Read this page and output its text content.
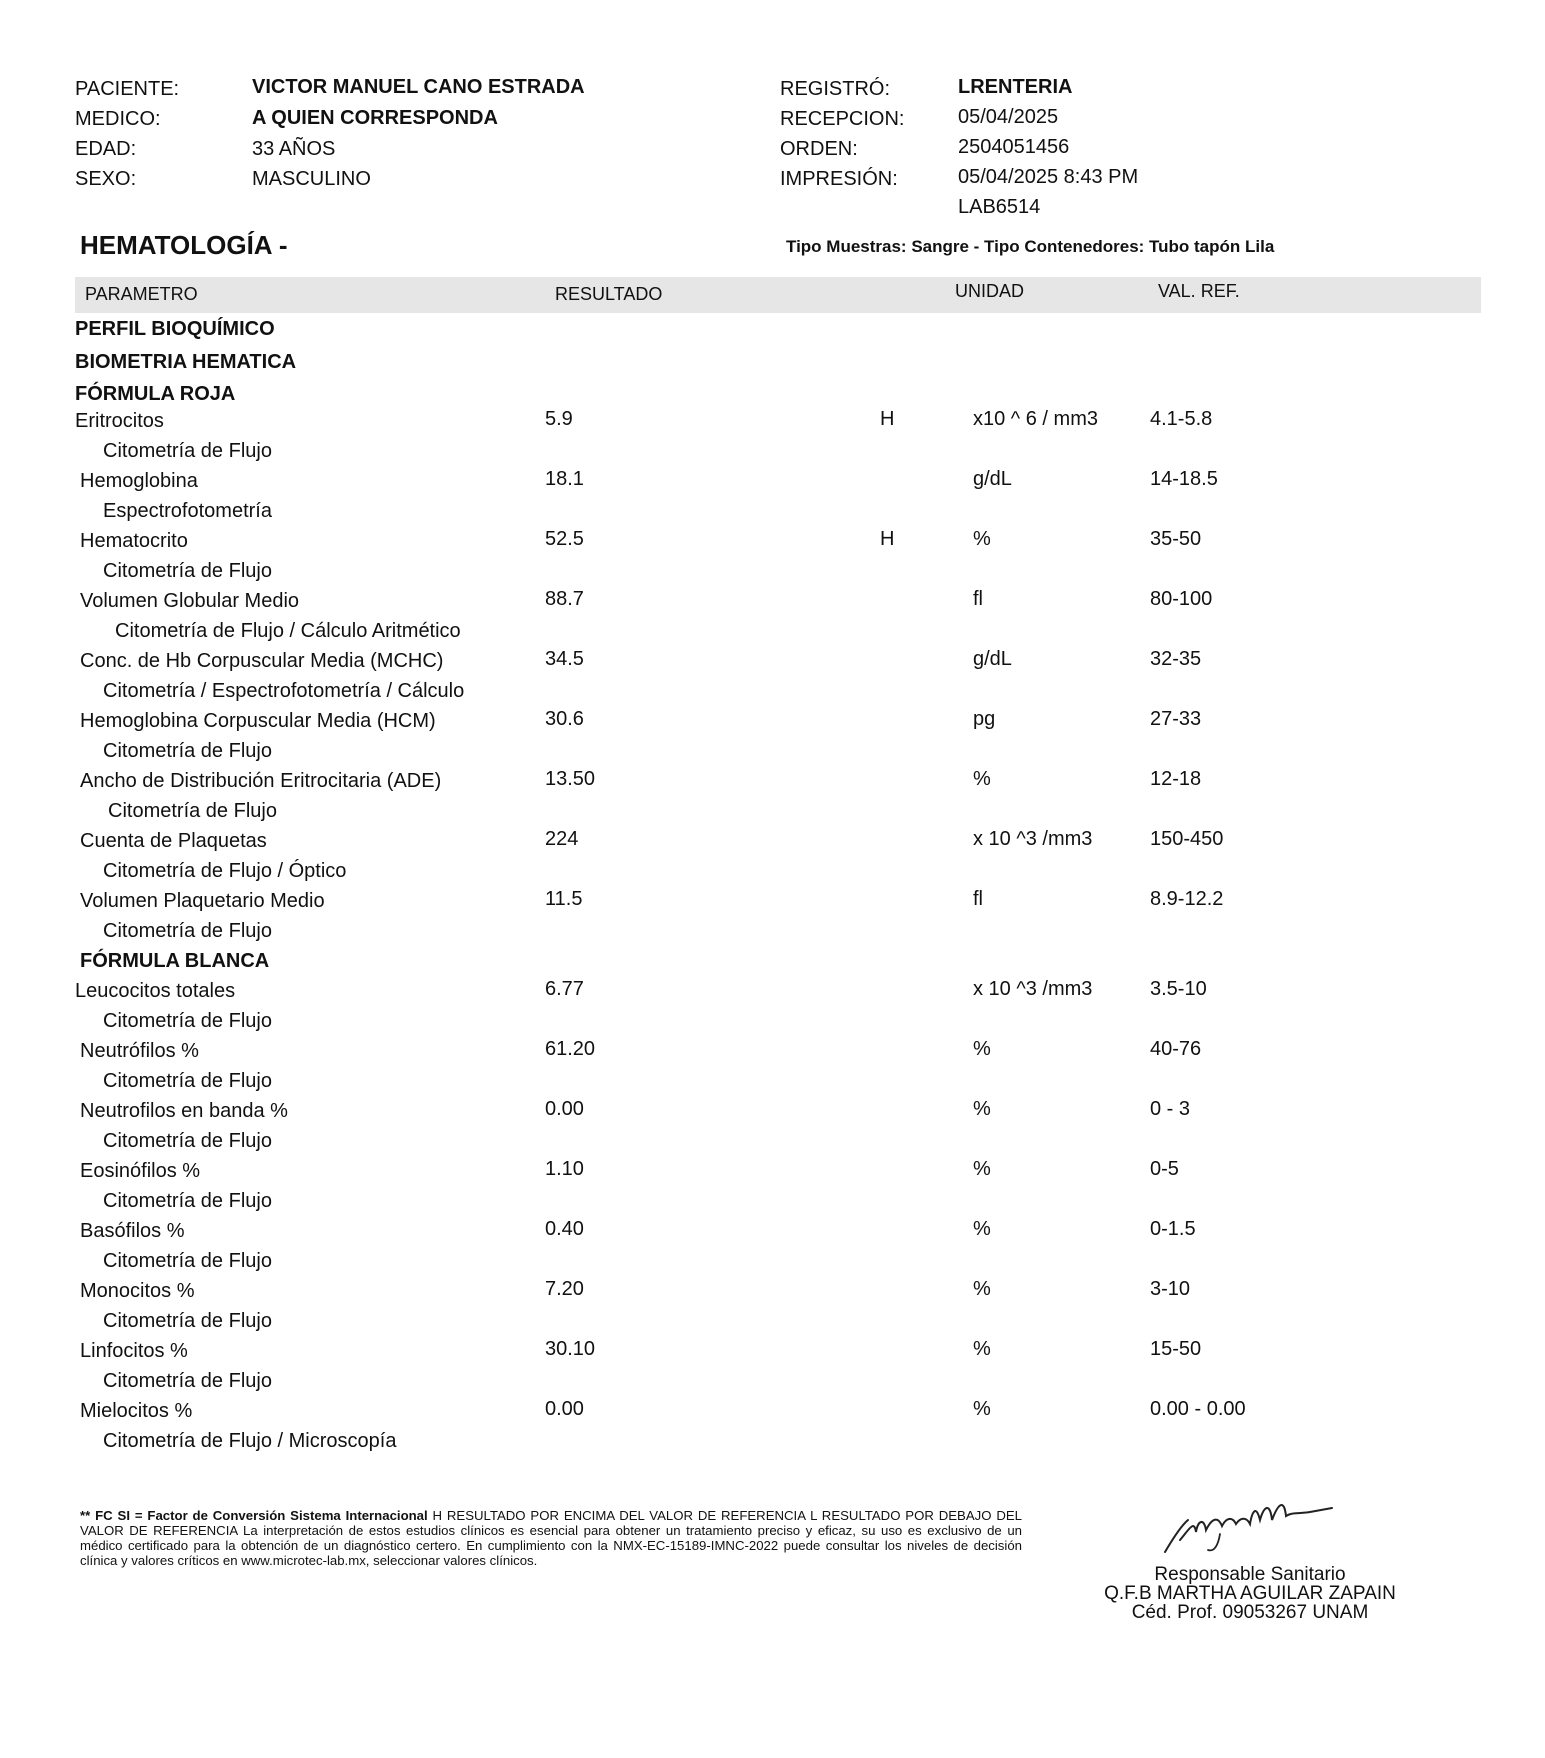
PACIENTE:	VICTOR MANUEL CANO ESTRADA
MEDICO:	A QUIEN CORRESPONDA
EDAD:	33 AÑOS
SEXO:	MASCULINO
REGISTRÓ:	LRENTERIA
RECEPCION:	05/04/2025
ORDEN:	2504051456
IMPRESIÓN:	05/04/2025 8:43 PM
LAB6514
HEMATOLOGÍA -	Tipo Muestras: Sangre - Tipo Contenedores: Tubo tapón Lila
PARAMETRO	RESULTADO	UNIDAD	VAL. REF.
PERFIL BIOQUÍMICO
BIOMETRIA HEMATICA
FÓRMULA ROJA
FÓRMULA BLANCA
Eritrocitos	5.9	H	x10 ^ 6 / mm3	4.1-5.8
Citometría de Flujo
Hemoglobina	18.1	g/dL	14-18.5
Espectrofotometría
Hematocrito	52.5	H	%	35-50
Citometría de Flujo
Volumen Globular Medio	88.7	fl	80-100
Citometría de Flujo / Cálculo Aritmético
Conc. de Hb Corpuscular Media (MCHC)	34.5	g/dL	32-35
Citometría / Espectrofotometría / Cálculo
Hemoglobina Corpuscular Media (HCM)	30.6	pg	27-33
Citometría de Flujo
Ancho de Distribución Eritrocitaria (ADE)	13.50	%	12-18
Citometría de Flujo
Cuenta de Plaquetas	224	x 10 ^3 /mm3	150-450
Citometría de Flujo / Óptico
Volumen Plaquetario Medio	11.5	fl	8.9-12.2
Citometría de Flujo
Leucocitos totales	6.77	x 10 ^3 /mm3	3.5-10
Citometría de Flujo
Neutrófilos %	61.20	%	40-76
Citometría de Flujo
Neutrofilos en banda %	0.00	%	0 - 3
Citometría de Flujo
Eosinófilos %	1.10	%	0-5
Citometría de Flujo
Basófilos %	0.40	%	0-1.5
Citometría de Flujo
Monocitos %	7.20	%	3-10
Citometría de Flujo
Linfocitos %	30.10	%	15-50
Citometría de Flujo
Mielocitos %	0.00	%	0.00 - 0.00
Citometría de Flujo / Microscopía
** FC SI = Factor de Conversión Sistema Internacional H RESULTADO POR ENCIMA DEL VALOR DE REFERENCIA L RESULTADO POR DEBAJO DEL VALOR DE REFERENCIA La interpretación de estos estudios clínicos es esencial para obtener un tratamiento preciso y eficaz, su uso es exclusivo de un médico certificado para la obtención de un diagnóstico certero. En cumplimiento con la NMX-EC-15189-IMNC-2022 puede consultar los niveles de decisión clínica y valores críticos en www.microtec-lab.mx, seleccionar valores clínicos.
Responsable Sanitario
Q.F.B MARTHA AGUILAR ZAPAIN
Céd. Prof. 09053267 UNAM
